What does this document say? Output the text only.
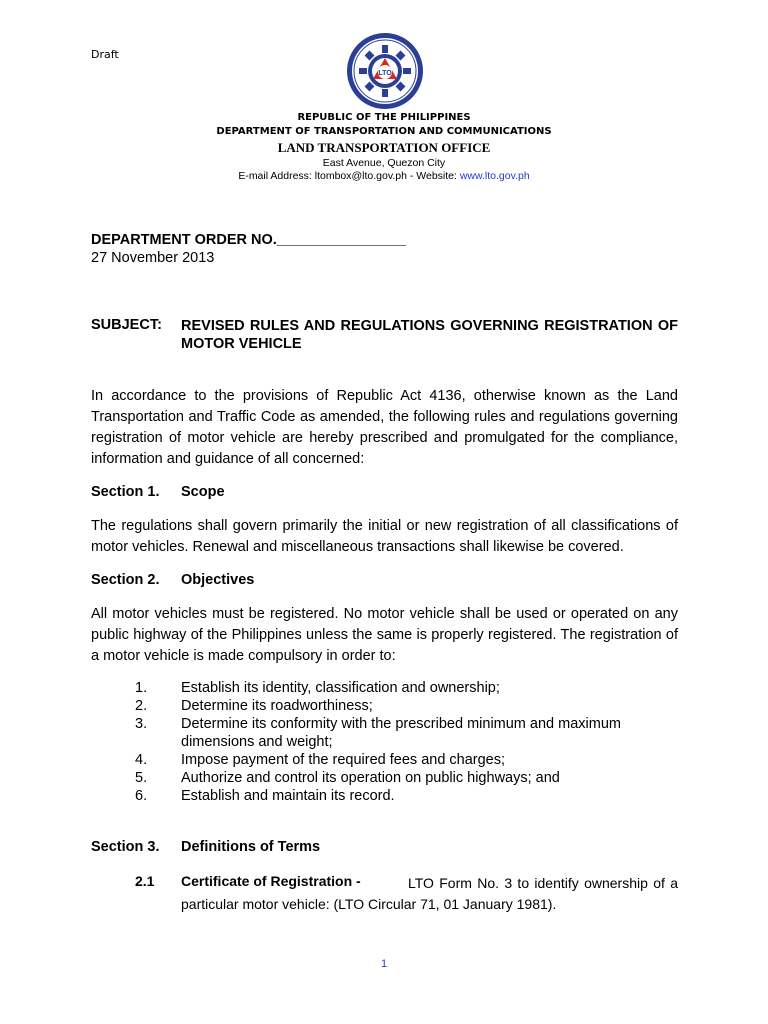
Draft
LTO
REPUBLIC OF THE PHILIPPINES
DEPARTMENT OF TRANSPORTATION AND COMMUNICATIONS
LAND TRANSPORTATION OFFICE
East Avenue, Quezon City
E-mail Address: ltombox@lto.gov.ph - Website: www.lto.gov.ph
DEPARTMENT ORDER NO.________________
27 November 2013
SUBJECT: REVISED RULES AND REGULATIONS GOVERNING REGISTRATION OF MOTOR VEHICLE
In accordance to the provisions of Republic Act 4136, otherwise known as the Land Transportation and Traffic Code as amended, the following rules and regulations governing registration of motor vehicle are hereby prescribed and promulgated for the compliance, information and guidance of all concerned:
Section 1. Scope
The regulations shall govern primarily the initial or new registration of all classifications of motor vehicles. Renewal and miscellaneous transactions shall likewise be covered.
Section 2. Objectives
All motor vehicles must be registered. No motor vehicle shall be used or operated on any public highway of the Philippines unless the same is properly registered. The registration of a motor vehicle is made compulsory in order to:
1.	Establish its identity, classification and ownership;
2.	Determine its roadworthiness;
3.	Determine its conformity with the prescribed minimum and maximum dimensions and weight;
4.	Impose payment of the required fees and charges;
5.	Authorize and control its operation on public highways; and
6.	Establish and maintain its record.
Section 3. Definitions of Terms
2.1 Certificate of Registration -	LTO Form No. 3 to identify ownership of a particular motor vehicle: (LTO Circular 71, 01 January 1981).
1
